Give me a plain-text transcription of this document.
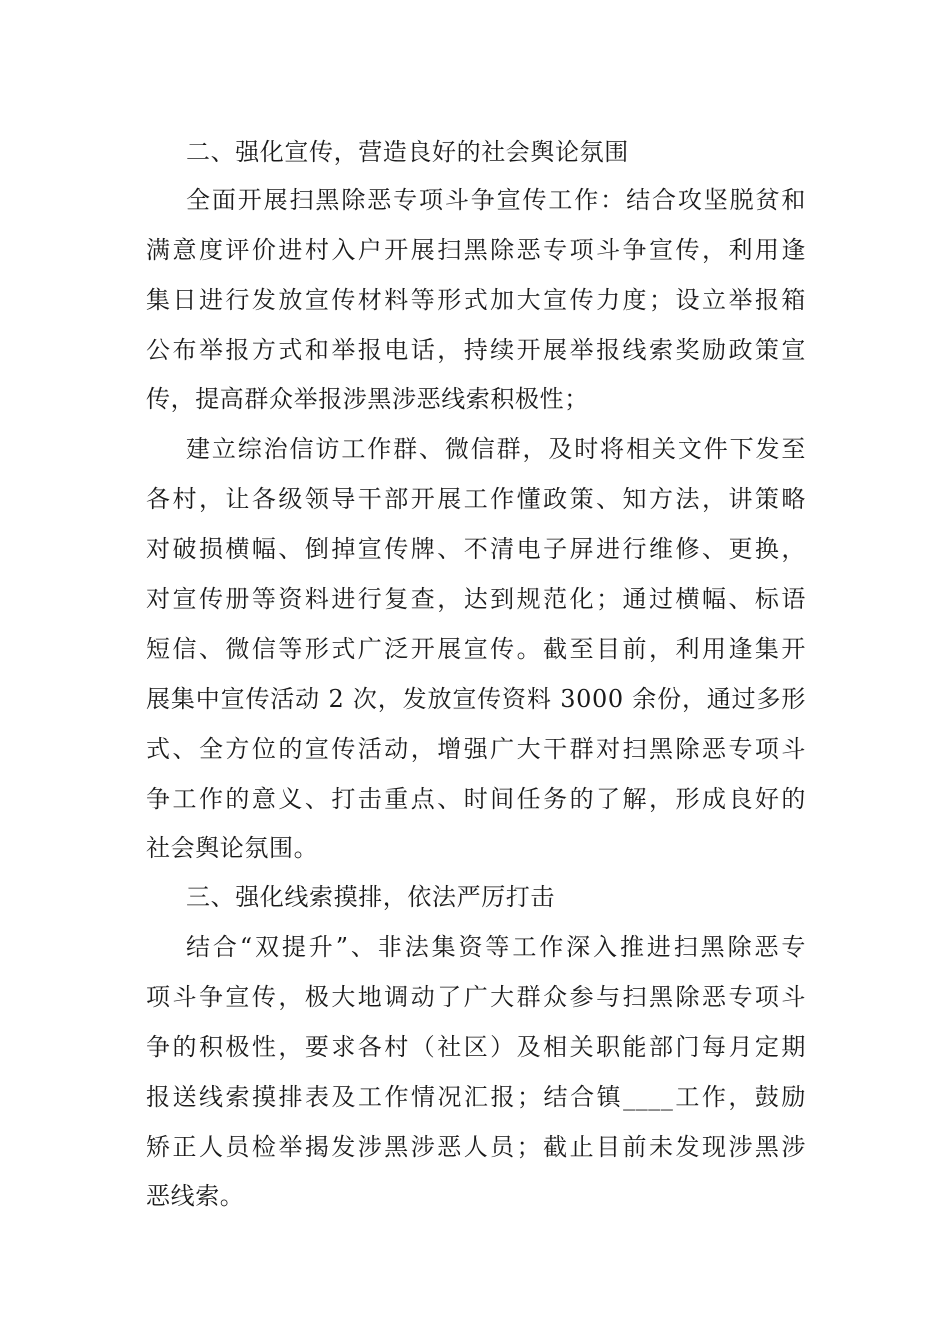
二、强化宣传，营造良好的社会舆论氛围
全面开展扫黑除恶专项斗争宣传工作：结合攻坚脱贫和
满意度评价进村入户开展扫黑除恶专项斗争宣传，利用逢
集日进行发放宣传材料等形式加大宣传力度；设立举报箱
公布举报方式和举报电话，持续开展举报线索奖励政策宣
传，提高群众举报涉黑涉恶线索积极性；
建立综治信访工作群、微信群，及时将相关文件下发至
各村，让各级领导干部开展工作懂政策、知方法，讲策略
对破损横幅、倒掉宣传牌、不清电子屏进行维修、更换，
对宣传册等资料进行复查，达到规范化；通过横幅、标语
短信、微信等形式广泛开展宣传。截至目前，利用逢集开
展集中宣传活动 2 次，发放宣传资料 3000 余份，通过多形
式、全方位的宣传活动，增强广大干群对扫黑除恶专项斗
争工作的意义、打击重点、时间任务的了解，形成良好的
社会舆论氛围。
三、强化线索摸排，依法严厉打击
结合“双提升”、非法集资等工作深入推进扫黑除恶专
项斗争宣传，极大地调动了广大群众参与扫黑除恶专项斗
争的积极性，要求各村（社区）及相关职能部门每月定期
报送线索摸排表及工作情况汇报；结合镇____工作，鼓励
矫正人员检举揭发涉黑涉恶人员；截止目前未发现涉黑涉
恶线索。
